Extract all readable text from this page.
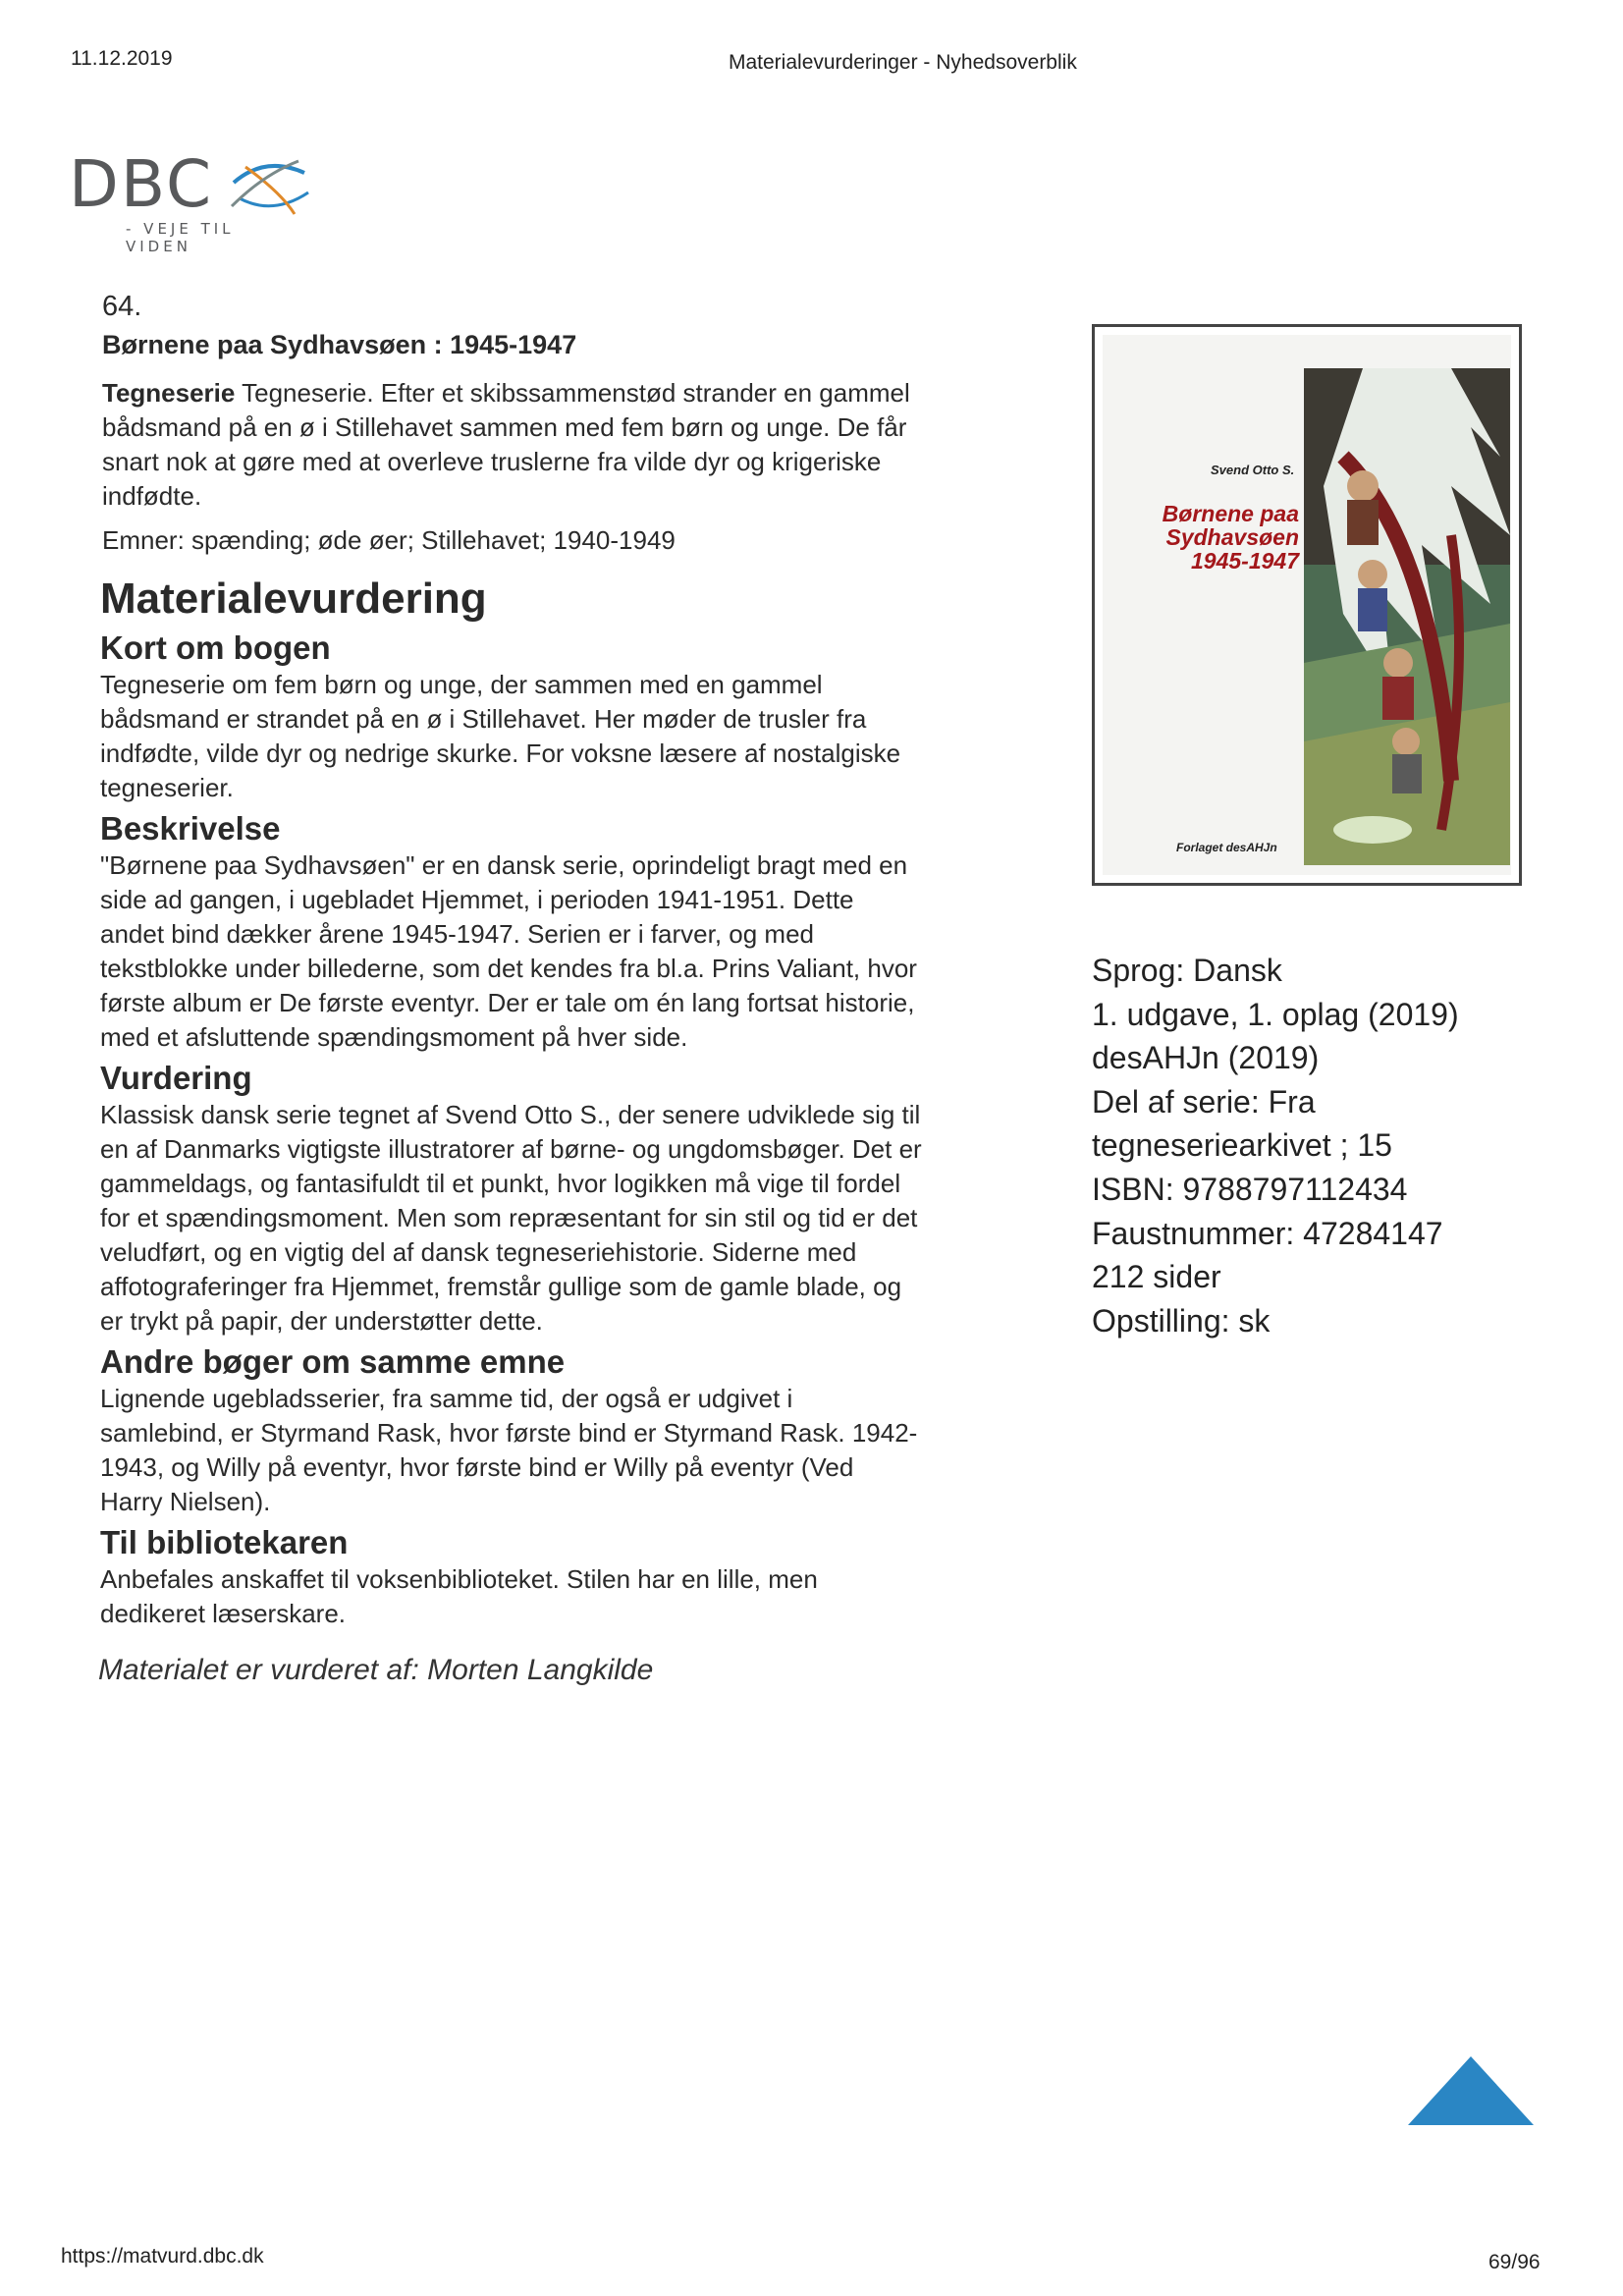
11.12.2019	Materialevurderinger - Nyhedsoverblik
DBC
- VEJE TIL VIDEN
64.
Børnene paa Sydhavsøen : 1945-1947
Tegneserie Tegneserie. Efter et skibssammenstød strander en gammel bådsmand på en ø i Stillehavet sammen med fem børn og unge. De får snart nok at gøre med at overleve truslerne fra vilde dyr og krigeriske indfødte.
Emner: spænding; øde øer; Stillehavet; 1940-1949
Materialevurdering
Kort om bogen
Tegneserie om fem børn og unge, der sammen med en gammel bådsmand er strandet på en ø i Stillehavet. Her møder de trusler fra indfødte, vilde dyr og nedrige skurke. For voksne læsere af nostalgiske tegneserier.
Beskrivelse
"Børnene paa Sydhavsøen" er en dansk serie, oprindeligt bragt med en side ad gangen, i ugebladet Hjemmet, i perioden 1941-1951. Dette andet bind dækker årene 1945-1947. Serien er i farver, og med tekstblokke under billederne, som det kendes fra bl.a. Prins Valiant, hvor første album er De første eventyr. Der er tale om én lang fortsat historie, med et afsluttende spændingsmoment på hver side.
Vurdering
Klassisk dansk serie tegnet af Svend Otto S., der senere udviklede sig til en af Danmarks vigtigste illustratorer af børne- og ungdomsbøger. Det er gammeldags, og fantasifuldt til et punkt, hvor logikken må vige til fordel for et spændingsmoment. Men som repræsentant for sin stil og tid er det veludført, og en vigtig del af dansk tegneseriehistorie. Siderne med affotograferinger fra Hjemmet, fremstår gullige som de gamle blade, og er trykt på papir, der understøtter dette.
Andre bøger om samme emne
Lignende ugebladsserier, fra samme tid, der også er udgivet i samlebind, er Styrmand Rask, hvor første bind er Styrmand Rask. 1942-1943, og Willy på eventyr, hvor første bind er Willy på eventyr (Ved Harry Nielsen).
Til bibliotekaren
Anbefales anskaffet til voksenbiblioteket. Stilen har en lille, men dedikeret læserskare.
Materialet er vurderet af: Morten Langkilde
Svend Otto S.
Børnene paa
Sydhavsøen
1945-1947
Forlaget desAHJn
Sprog: Dansk
1. udgave, 1. oplag (2019)
desAHJn (2019)
Del af serie: Fra
tegneseriearkivet ; 15
ISBN: 9788797112434
Faustnummer: 47284147
212 sider
Opstilling: sk
https://matvurd.dbc.dk	69/96
